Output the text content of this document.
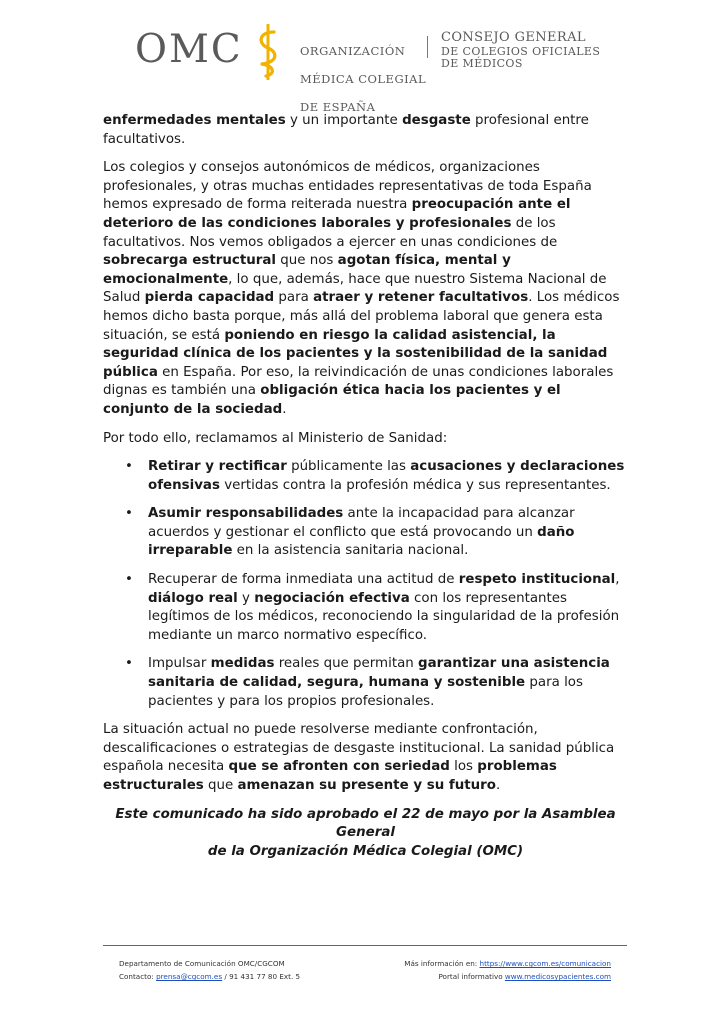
OMC	ORGANIZACIÓN

MÉDICA COLEGIAL

DE ESPAÑA

CONSEJO GENERAL
DE COLEGIOS OFICIALES
DE MÉDICOS

enfermedades mentales y un importante desgaste profesional entre facultativos.

Los colegios y consejos autonómicos de médicos, organizaciones profesionales, y otras muchas entidades representativas de toda España hemos expresado de forma reiterada nuestra preocupación ante el deterioro de las condiciones laborales y profesionales de los facultativos. Nos vemos obligados a ejercer en unas condiciones de sobrecarga estructural que nos agotan física, mental y emocionalmente, lo que, además, hace que nuestro Sistema Nacional de Salud pierda capacidad para atraer y retener facultativos. Los médicos hemos dicho basta porque, más allá del problema laboral que genera esta situación, se está poniendo en riesgo la calidad asistencial, la seguridad clínica de los pacientes y la sostenibilidad de la sanidad pública en España. Por eso, la reivindicación de unas condiciones laborales dignas es también una obligación ética hacia los pacientes y el conjunto de la sociedad.

Por todo ello, reclamamos al Ministerio de Sanidad:

• Retirar y rectificar públicamente las acusaciones y declaraciones ofensivas vertidas contra la profesión médica y sus representantes.
• Asumir responsabilidades ante la incapacidad para alcanzar acuerdos y gestionar el conflicto que está provocando un daño irreparable en la asistencia sanitaria nacional.
• Recuperar de forma inmediata una actitud de respeto institucional, diálogo real y negociación efectiva con los representantes legítimos de los médicos, reconociendo la singularidad de la profesión mediante un marco normativo específico.
• Impulsar medidas reales que permitan garantizar una asistencia sanitaria de calidad, segura, humana y sostenible para los pacientes y para los propios profesionales.

La situación actual no puede resolverse mediante confrontación, descalificaciones o estrategias de desgaste institucional. La sanidad pública española necesita que se afronten con seriedad los problemas estructurales que amenazan su presente y su futuro.

Este comunicado ha sido aprobado el 22 de mayo por la Asamblea General
de la Organización Médica Colegial (OMC)
Departamento de Comunicación OMC/CGCOM
Contacto: prensa@cgcom.es / 91 431 77 80 Ext. 5
Más información en: https://www.cgcom.es/comunicacion
Portal informativo www.medicosypacientes.com
